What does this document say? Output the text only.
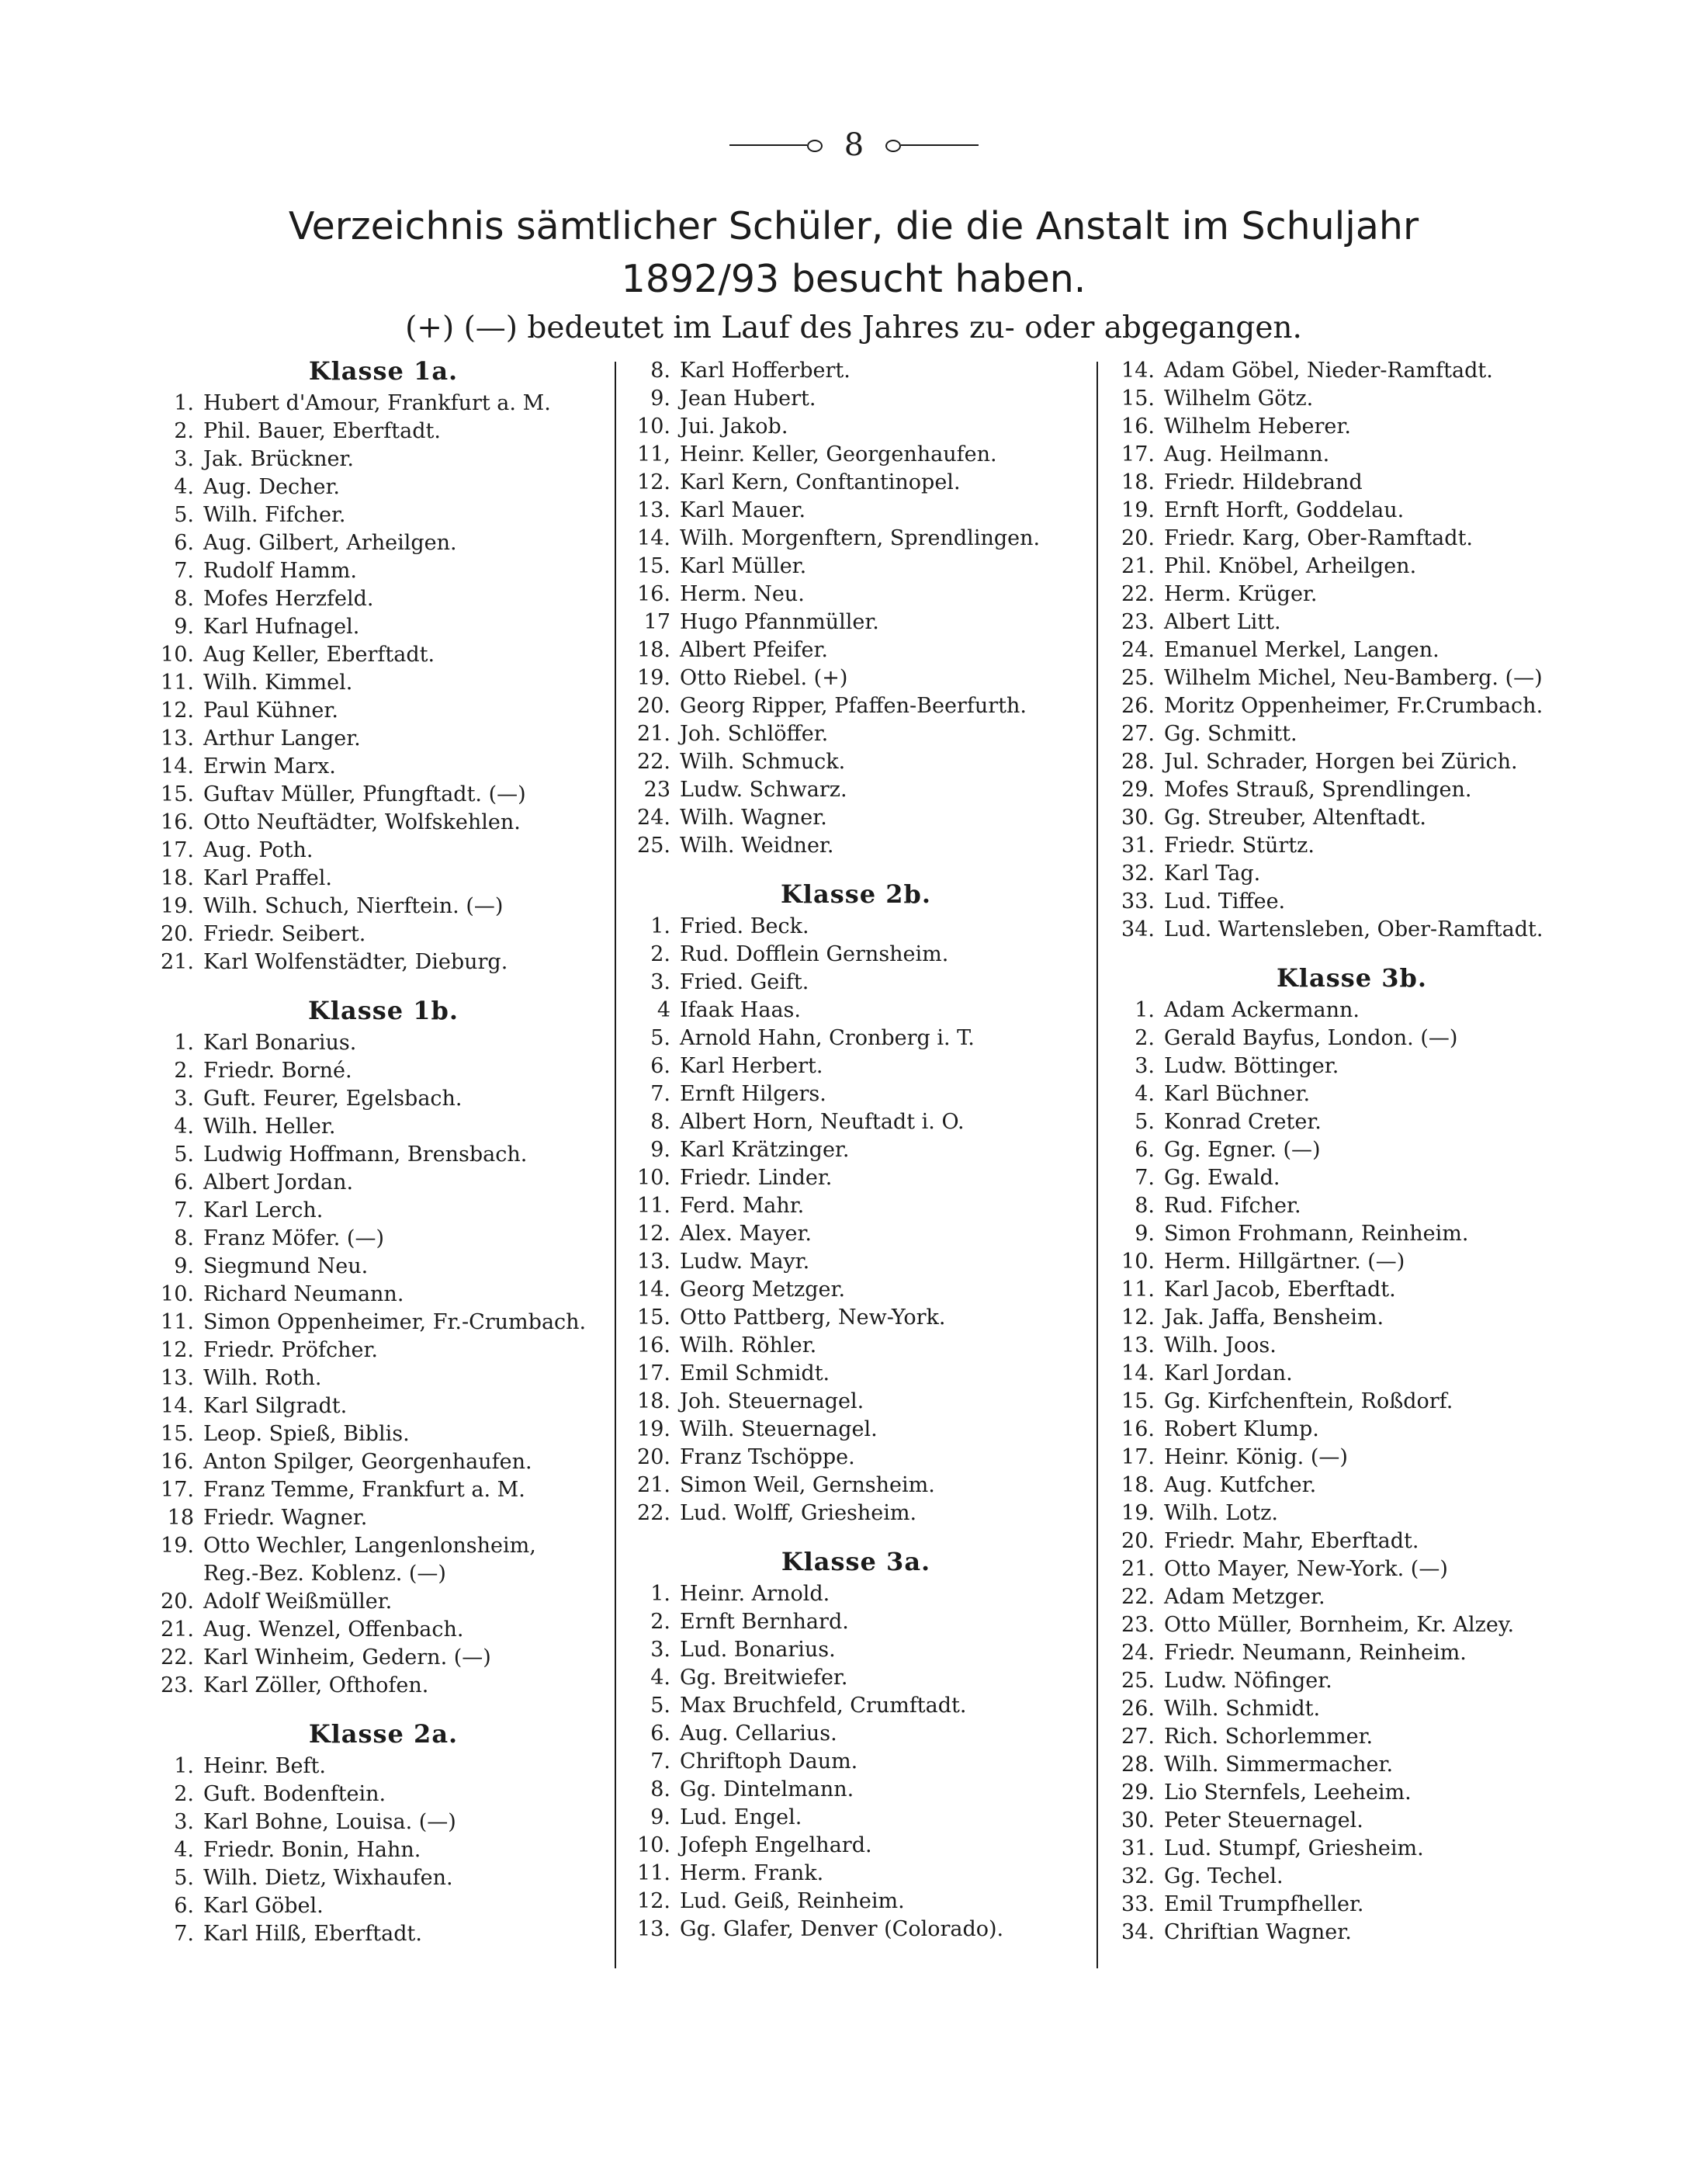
8
Verzeichnis sämtlicher Schüler, die die Anstalt im Schuljahr
1892/93 besucht haben.
(+) (—) bedeutet im Lauf des Jahres zu- oder abgegangen.
Klasse 1a.
1. Hubert d'Amour, Frankfurt a. M.
2. Phil. Bauer, Eberftadt.
3. Jak. Brückner.
4. Aug. Decher.
5. Wilh. Fifcher.
6. Aug. Gilbert, Arheilgen.
7. Rudolf Hamm.
8. Mofes Herzfeld.
9. Karl Hufnagel.
10. Aug Keller, Eberftadt.
11. Wilh. Kimmel.
12. Paul Kühner.
13. Arthur Langer.
14. Erwin Marx.
15. Guftav Müller, Pfungftadt. (—)
16. Otto Neuftädter, Wolfskehlen.
17. Aug. Poth.
18. Karl Praffel.
19. Wilh. Schuch, Nierftein. (—)
20. Friedr. Seibert.
21. Karl Wolfenstädter, Dieburg.
Klasse 1b.
1. Karl Bonarius.
2. Friedr. Borné.
3. Guft. Feurer, Egelsbach.
4. Wilh. Heller.
5. Ludwig Hoffmann, Brensbach.
6. Albert Jordan.
7. Karl Lerch.
8. Franz Möfer. (—)
9. Siegmund Neu.
10. Richard Neumann.
11. Simon Oppenheimer, Fr.-Crumbach.
12. Friedr. Pröfcher.
13. Wilh. Roth.
14. Karl Silgradt.
15. Leop. Spieß, Biblis.
16. Anton Spilger, Georgenhaufen.
17. Franz Temme, Frankfurt a. M.
18 Friedr. Wagner.
19. Otto Wechler, Langenlonsheim,
Reg.-Bez. Koblenz. (—)
20. Adolf Weißmüller.
21. Aug. Wenzel, Offenbach.
22. Karl Winheim, Gedern. (—)
23. Karl Zöller, Ofthofen.
Klasse 2a.
1. Heinr. Beft.
2. Guft. Bodenftein.
3. Karl Bohne, Louisa. (—)
4. Friedr. Bonin, Hahn.
5. Wilh. Dietz, Wixhaufen.
6. Karl Göbel.
7. Karl Hilß, Eberftadt.
8. Karl Hofferbert.
9. Jean Hubert.
10. Jui. Jakob.
11, Heinr. Keller, Georgenhaufen.
12. Karl Kern, Conftantinopel.
13. Karl Mauer.
14. Wilh. Morgenftern, Sprendlingen.
15. Karl Müller.
16. Herm. Neu.
17 Hugo Pfannmüller.
18. Albert Pfeifer.
19. Otto Riebel. (+)
20. Georg Ripper, Pfaffen-Beerfurth.
21. Joh. Schlöffer.
22. Wilh. Schmuck.
23 Ludw. Schwarz.
24. Wilh. Wagner.
25. Wilh. Weidner.
Klasse 2b.
1. Fried. Beck.
2. Rud. Dofflein Gernsheim.
3. Fried. Geift.
4 Ifaak Haas.
5. Arnold Hahn, Cronberg i. T.
6. Karl Herbert.
7. Ernft Hilgers.
8. Albert Horn, Neuftadt i. O.
9. Karl Krätzinger.
10. Friedr. Linder.
11. Ferd. Mahr.
12. Alex. Mayer.
13. Ludw. Mayr.
14. Georg Metzger.
15. Otto Pattberg, New-York.
16. Wilh. Röhler.
17. Emil Schmidt.
18. Joh. Steuernagel.
19. Wilh. Steuernagel.
20. Franz Tschöppe.
21. Simon Weil, Gernsheim.
22. Lud. Wolff, Griesheim.
Klasse 3a.
1. Heinr. Arnold.
2. Ernft Bernhard.
3. Lud. Bonarius.
4. Gg. Breitwiefer.
5. Max Bruchfeld, Crumftadt.
6. Aug. Cellarius.
7. Chriftoph Daum.
8. Gg. Dintelmann.
9. Lud. Engel.
10. Jofeph Engelhard.
11. Herm. Frank.
12. Lud. Geiß, Reinheim.
13. Gg. Glafer, Denver (Colorado).
14. Adam Göbel, Nieder-Ramftadt.
15. Wilhelm Götz.
16. Wilhelm Heberer.
17. Aug. Heilmann.
18. Friedr. Hildebrand
19. Ernft Horft, Goddelau.
20. Friedr. Karg, Ober-Ramftadt.
21. Phil. Knöbel, Arheilgen.
22. Herm. Krüger.
23. Albert Litt.
24. Emanuel Merkel, Langen.
25. Wilhelm Michel, Neu-Bamberg. (—)
26. Moritz Oppenheimer, Fr.Crumbach.
27. Gg. Schmitt.
28. Jul. Schrader, Horgen bei Zürich.
29. Mofes Strauß, Sprendlingen.
30. Gg. Streuber, Altenftadt.
31. Friedr. Stürtz.
32. Karl Tag.
33. Lud. Tiffee.
34. Lud. Wartensleben, Ober-Ramftadt.
Klasse 3b.
1. Adam Ackermann.
2. Gerald Bayfus, London. (—)
3. Ludw. Böttinger.
4. Karl Büchner.
5. Konrad Creter.
6. Gg. Egner. (—)
7. Gg. Ewald.
8. Rud. Fifcher.
9. Simon Frohmann, Reinheim.
10. Herm. Hillgärtner. (—)
11. Karl Jacob, Eberftadt.
12. Jak. Jaffa, Bensheim.
13. Wilh. Joos.
14. Karl Jordan.
15. Gg. Kirfchenftein, Roßdorf.
16. Robert Klump.
17. Heinr. König. (—)
18. Aug. Kutfcher.
19. Wilh. Lotz.
20. Friedr. Mahr, Eberftadt.
21. Otto Mayer, New-York. (—)
22. Adam Metzger.
23. Otto Müller, Bornheim, Kr. Alzey.
24. Friedr. Neumann, Reinheim.
25. Ludw. Nöfinger.
26. Wilh. Schmidt.
27. Rich. Schorlemmer.
28. Wilh. Simmermacher.
29. Lio Sternfels, Leeheim.
30. Peter Steuernagel.
31. Lud. Stumpf, Griesheim.
32. Gg. Techel.
33. Emil Trumpfheller.
34. Chriftian Wagner.
